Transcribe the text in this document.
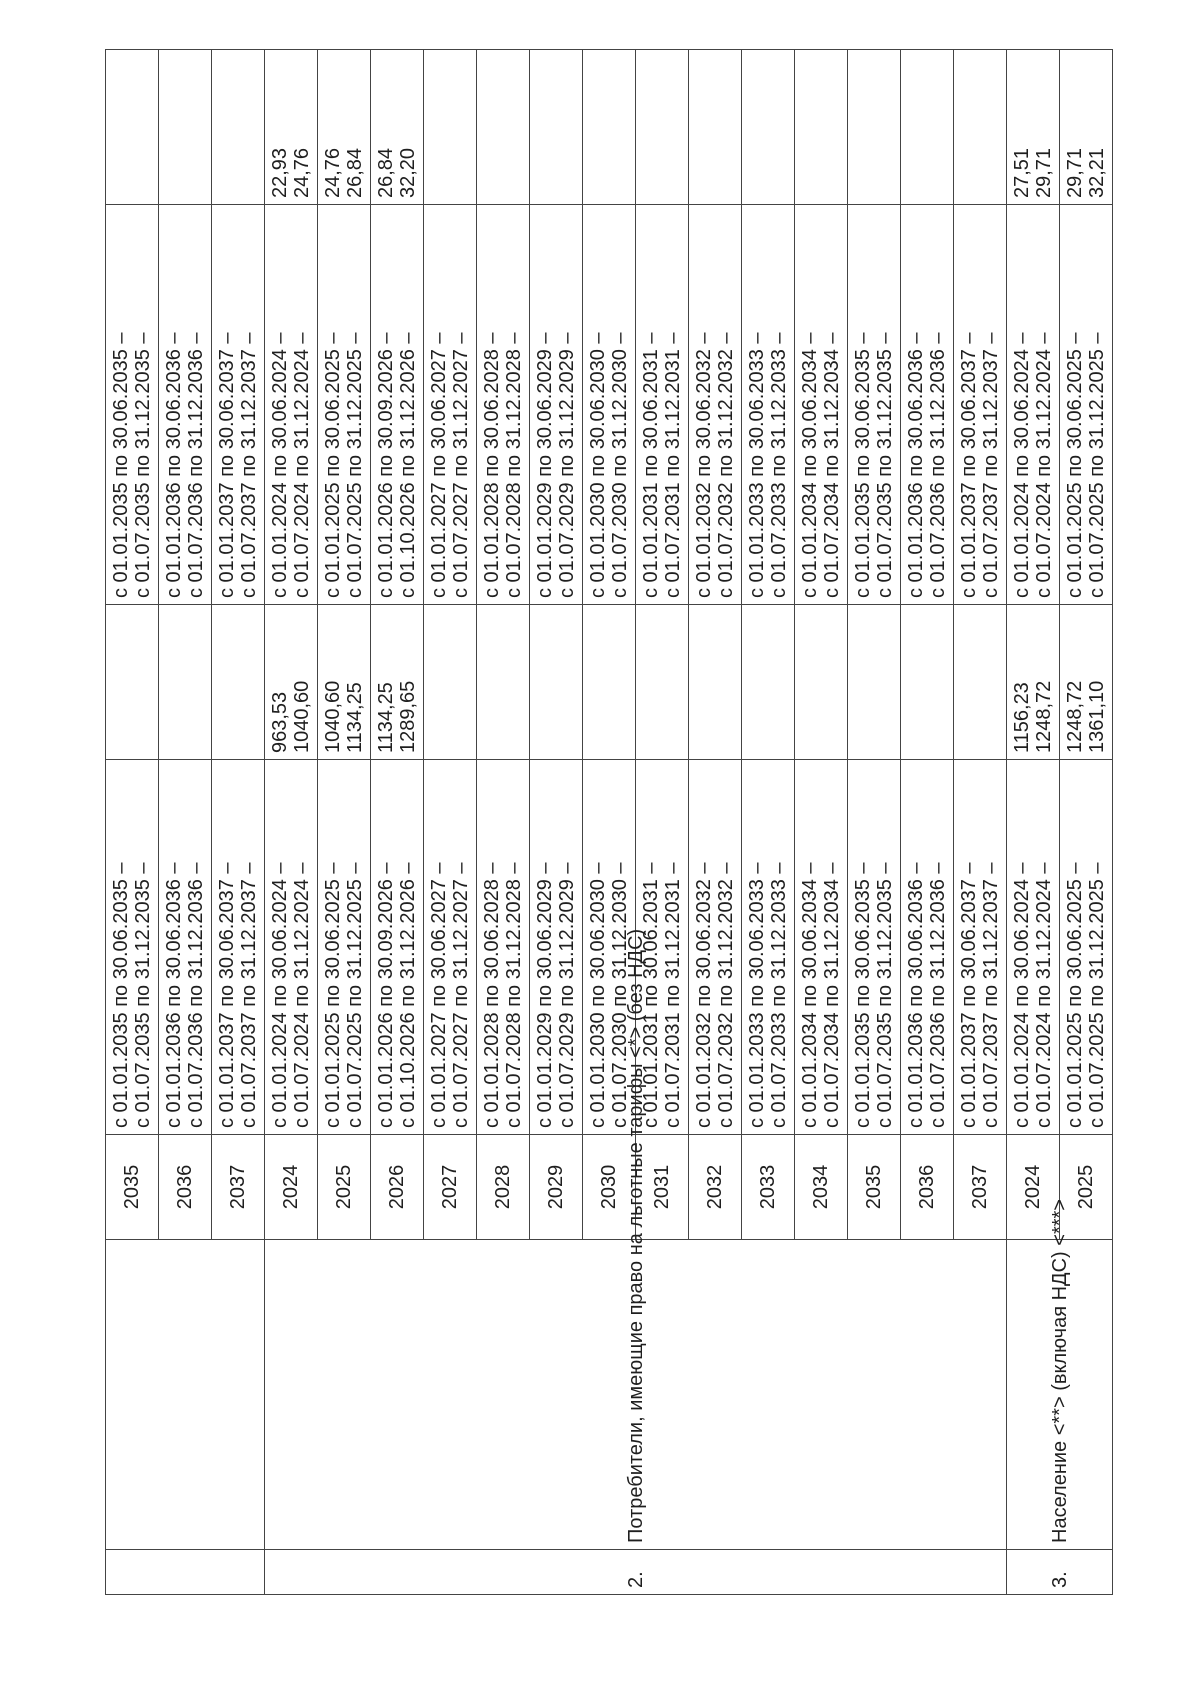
		2035	с 01.01.2035 по 30.06.2035 – с 01.07.2035 по 31.12.2035 –		с 01.01.2035 по 30.06.2035 – с 01.07.2035 по 31.12.2035 –	

		2036	с 01.01.2036 по 30.06.2036 – с 01.07.2036 по 31.12.2036 –		с 01.01.2036 по 30.06.2036 – с 01.07.2036 по 31.12.2036 –	

		2037	с 01.01.2037 по 30.06.2037 – с 01.07.2037 по 31.12.2037 –		с 01.01.2037 по 30.06.2037 – с 01.07.2037 по 31.12.2037 –	

2.	Потребители, имеющие право на льготные тарифы <*> (без НДС)	2024	с 01.01.2024 по 30.06.2024 – с 01.07.2024 по 31.12.2024 –	963,53 1040,60	с 01.01.2024 по 30.06.2024 – с 01.07.2024 по 31.12.2024 –	22,93 24,76

		2025	с 01.01.2025 по 30.06.2025 – с 01.07.2025 по 31.12.2025 –	1040,60 1134,25	с 01.01.2025 по 30.06.2025 – с 01.07.2025 по 31.12.2025 –	24,76 26,84

		2026	с 01.01.2026 по 30.09.2026 – с 01.10.2026 по 31.12.2026 –	1134,25 1289,65	с 01.01.2026 по 30.09.2026 – с 01.10.2026 по 31.12.2026 –	26,84 32,20

		2027	с 01.01.2027 по 30.06.2027 – с 01.07.2027 по 31.12.2027 –		с 01.01.2027 по 30.06.2027 – с 01.07.2027 по 31.12.2027 –	

		2028	с 01.01.2028 по 30.06.2028 – с 01.07.2028 по 31.12.2028 –		с 01.01.2028 по 30.06.2028 – с 01.07.2028 по 31.12.2028 –	

		2029	с 01.01.2029 по 30.06.2029 – с 01.07.2029 по 31.12.2029 –		с 01.01.2029 по 30.06.2029 – с 01.07.2029 по 31.12.2029 –	

		2030	с 01.01.2030 по 30.06.2030 – с 01.07.2030 по 31.12.2030 –		с 01.01.2030 по 30.06.2030 – с 01.07.2030 по 31.12.2030 –	

		2031	с 01.01.2031 по 30.06.2031 – с 01.07.2031 по 31.12.2031 –		с 01.01.2031 по 30.06.2031 – с 01.07.2031 по 31.12.2031 –	

		2032	с 01.01.2032 по 30.06.2032 – с 01.07.2032 по 31.12.2032 –		с 01.01.2032 по 30.06.2032 – с 01.07.2032 по 31.12.2032 –	

		2033	с 01.01.2033 по 30.06.2033 – с 01.07.2033 по 31.12.2033 –		с 01.01.2033 по 30.06.2033 – с 01.07.2033 по 31.12.2033 –	

		2034	с 01.01.2034 по 30.06.2034 – с 01.07.2034 по 31.12.2034 –		с 01.01.2034 по 30.06.2034 – с 01.07.2034 по 31.12.2034 –	

		2035	с 01.01.2035 по 30.06.2035 – с 01.07.2035 по 31.12.2035 –		с 01.01.2035 по 30.06.2035 – с 01.07.2035 по 31.12.2035 –	

		2036	с 01.01.2036 по 30.06.2036 – с 01.07.2036 по 31.12.2036 –		с 01.01.2036 по 30.06.2036 – с 01.07.2036 по 31.12.2036 –	

		2037	с 01.01.2037 по 30.06.2037 – с 01.07.2037 по 31.12.2037 –		с 01.01.2037 по 30.06.2037 – с 01.07.2037 по 31.12.2037 –	

3.	Население <**> (включая НДС) <***>	2024	с 01.01.2024 по 30.06.2024 – с 01.07.2024 по 31.12.2024 –	1156,23 1248,72	с 01.01.2024 по 30.06.2024 – с 01.07.2024 по 31.12.2024 –	27,51 29,71

		2025	с 01.01.2025 по 30.06.2025 – с 01.07.2025 по 31.12.2025 –	1248,72 1361,10	с 01.01.2025 по 30.06.2025 – с 01.07.2025 по 31.12.2025 –	29,71 32,21
